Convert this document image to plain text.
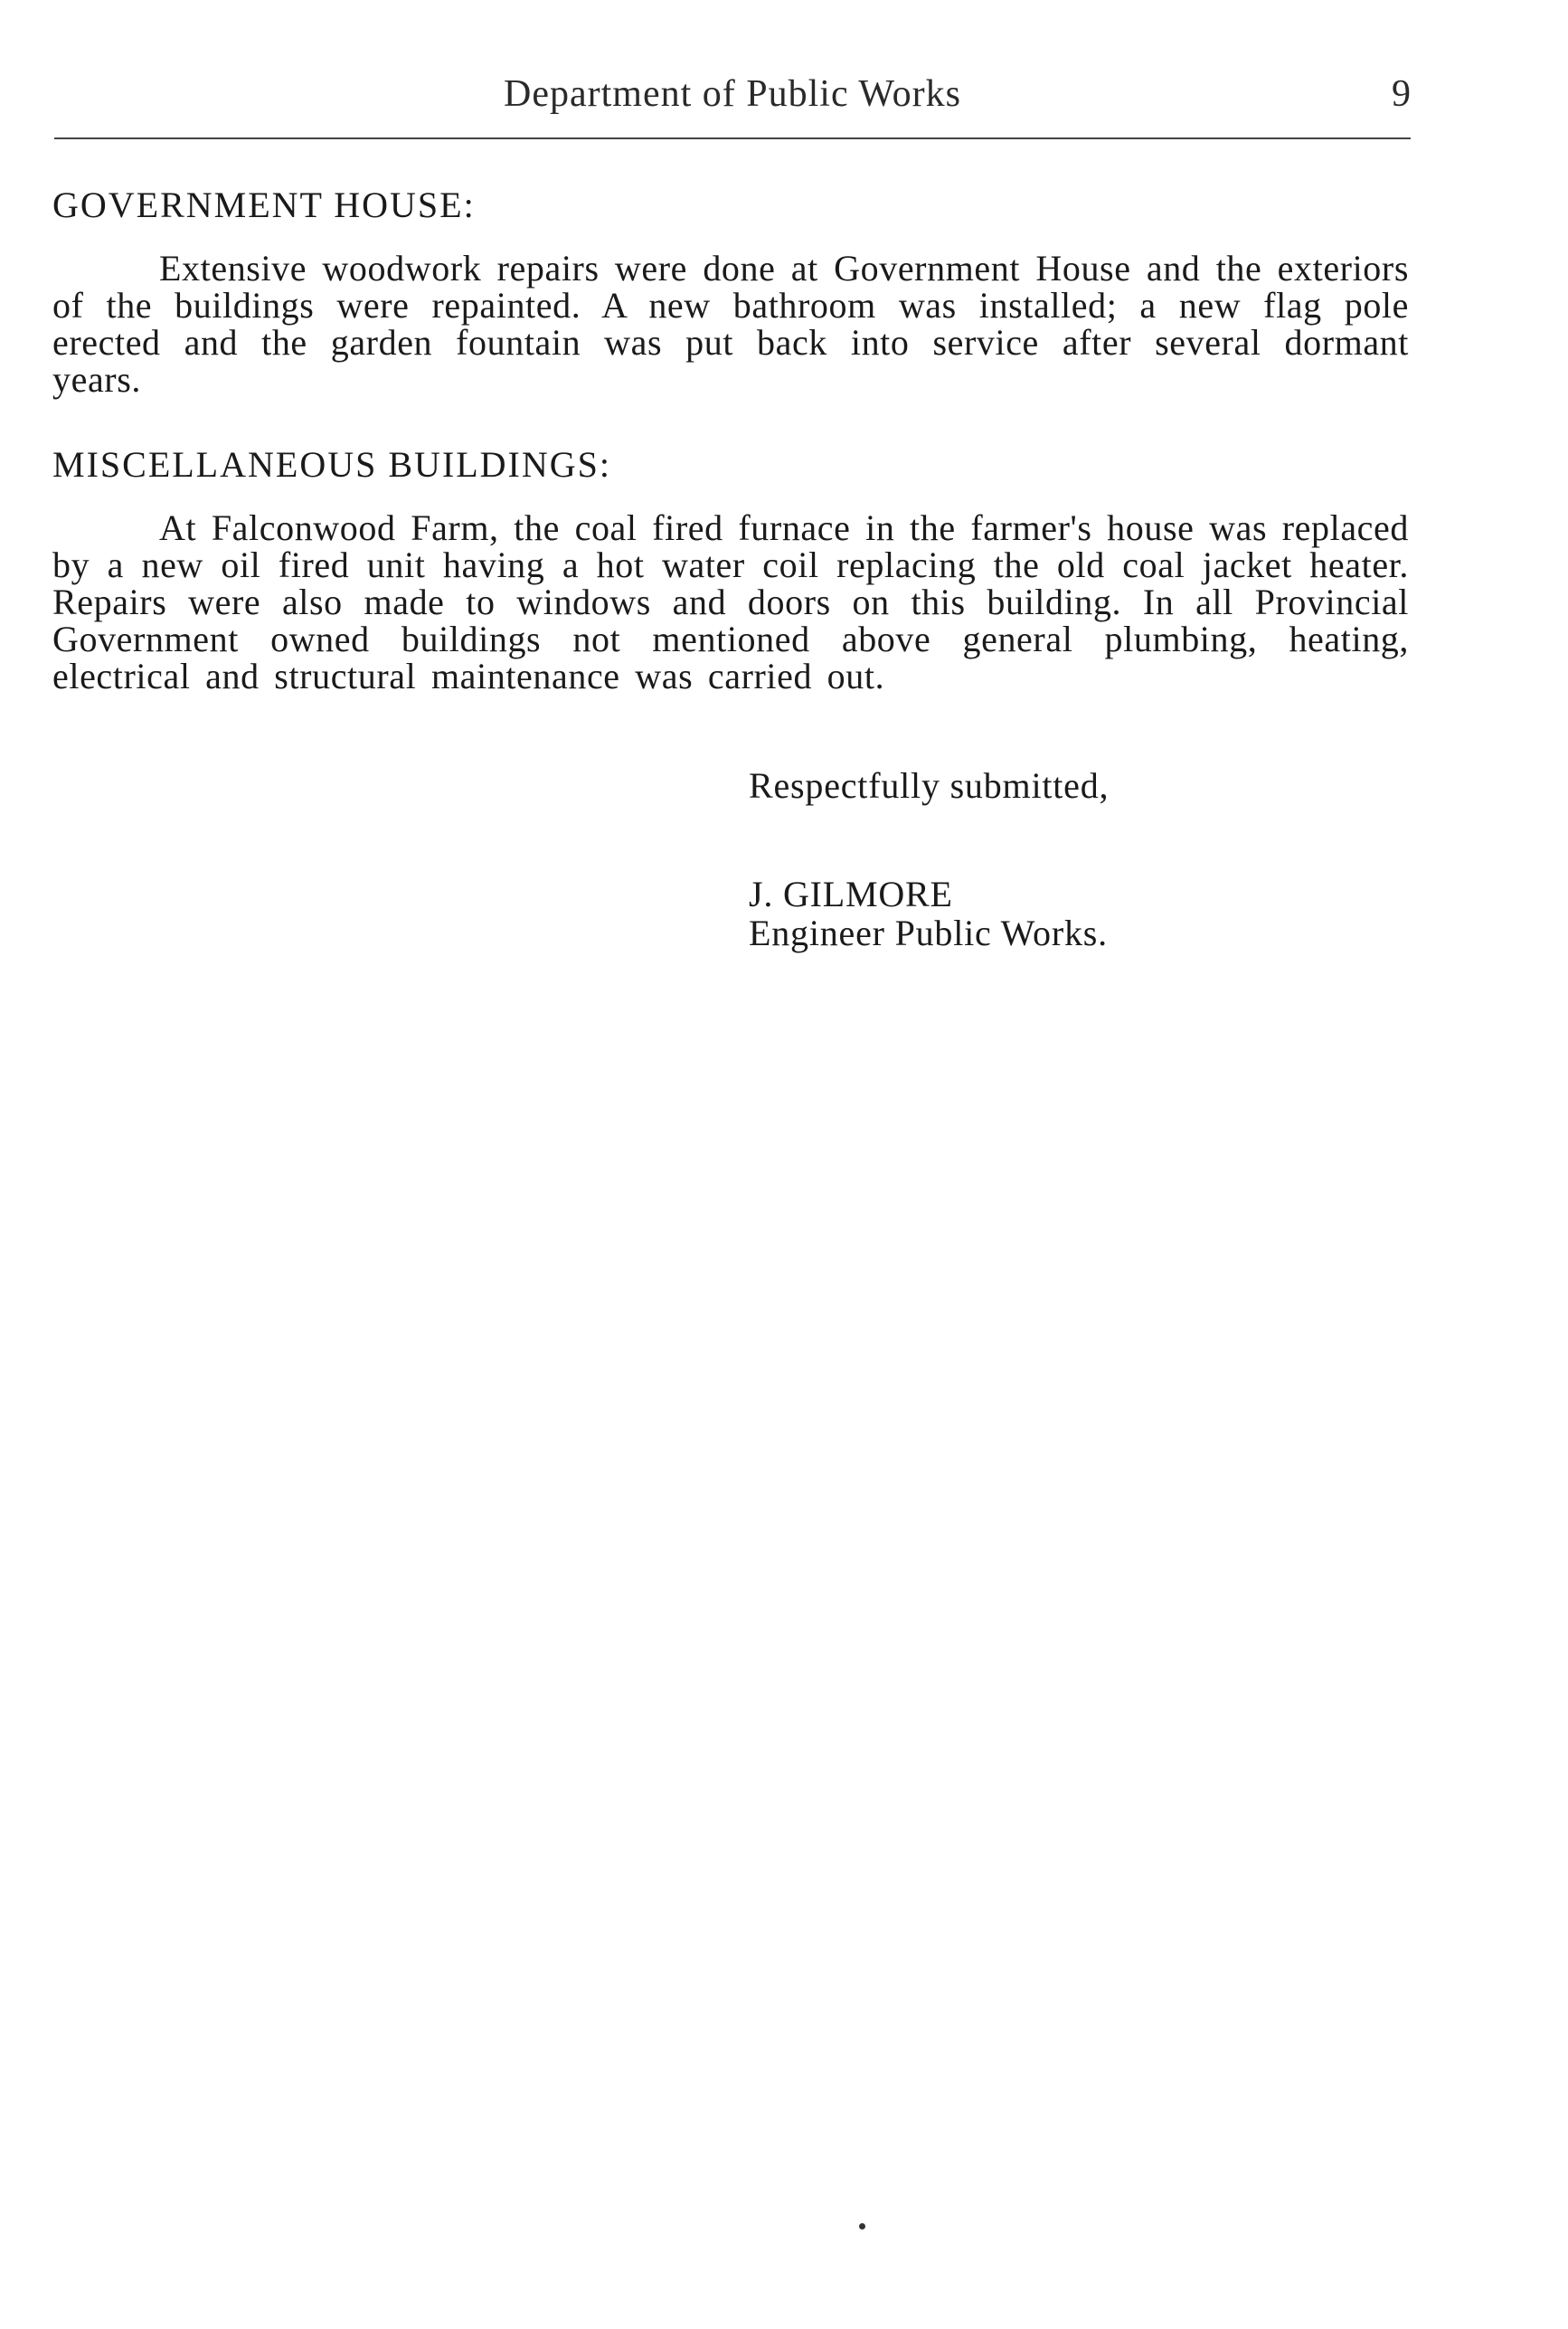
Department of Public Works	9
GOVERNMENT HOUSE:
Extensive woodwork repairs were done at Government House and the exteriors of the buildings were repainted. A new bathroom was installed; a new flag pole erected and the garden fountain was put back into service after several dormant years.
MISCELLANEOUS BUILDINGS:
At Falconwood Farm, the coal fired furnace in the farmer's house was replaced by a new oil fired unit having a hot water coil replacing the old coal jacket heater. Repairs were also made to windows and doors on this building. In all Provincial Government owned buildings not mentioned above general plumbing, heating, electrical and structural maintenance was carried out.
Respectfully submitted,
J. GILMORE
Engineer Public Works.
